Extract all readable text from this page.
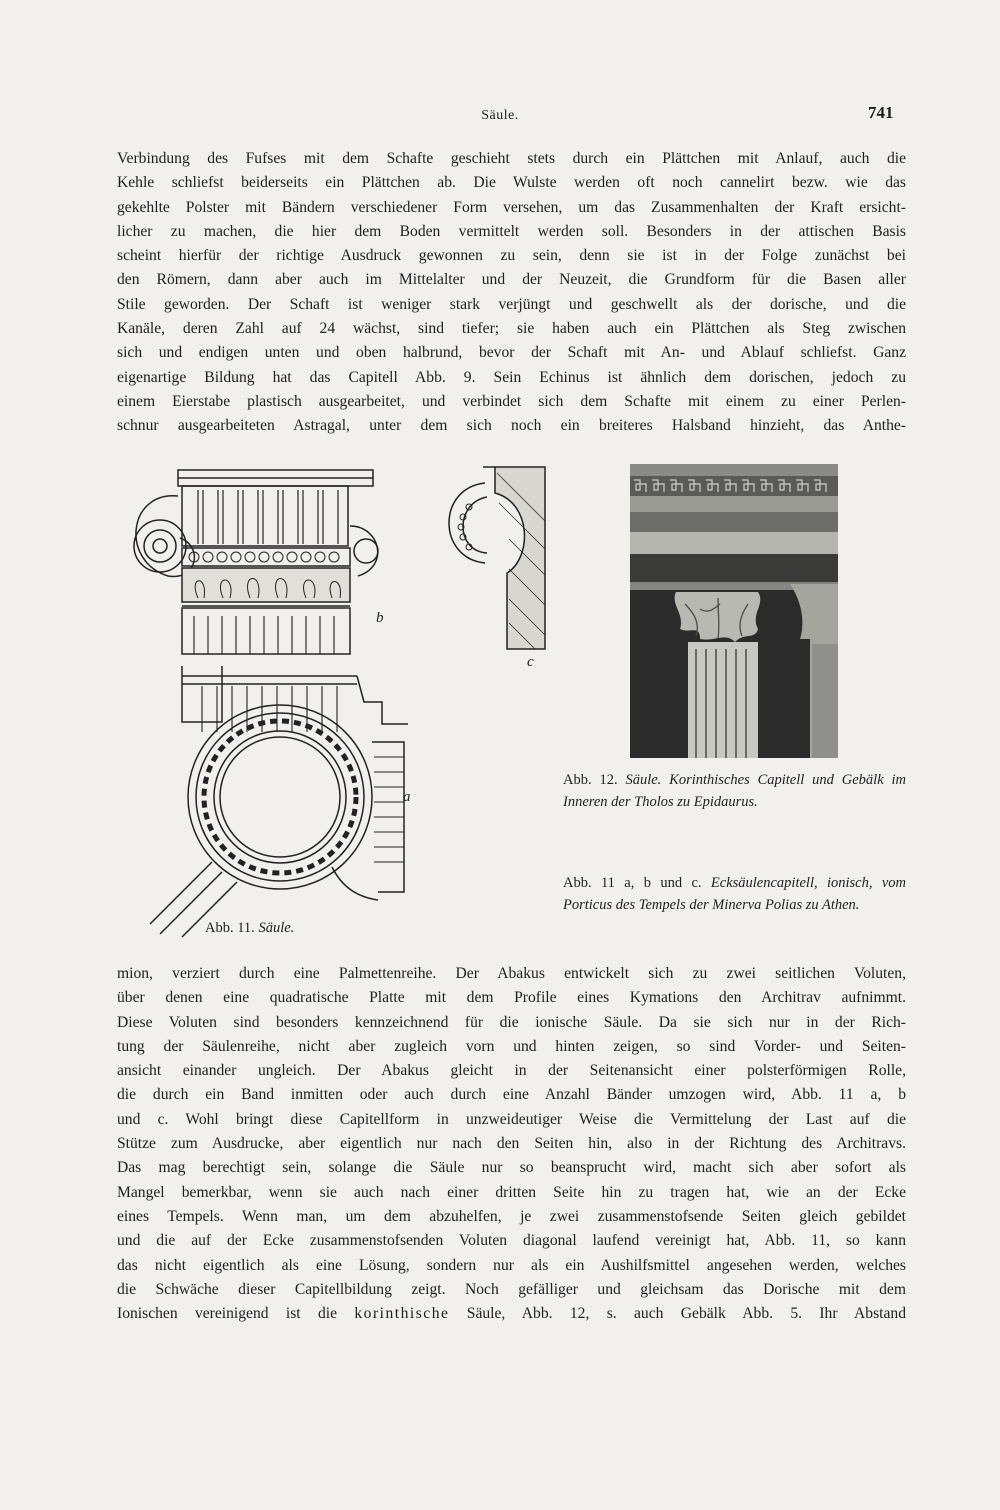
Säule.	741
Verbindung des Fufses mit dem Schafte geschieht stets durch ein Plättchen mit Anlauf, auch die
Kehle schliefst beiderseits ein Plättchen ab. Die Wulste werden oft noch cannelirt bezw. wie das
gekehlte Polster mit Bändern verschiedener Form versehen, um das Zusammenhalten der Kraft ersicht-
licher zu machen, die hier dem Boden vermittelt werden soll. Besonders in der attischen Basis
scheint hierfür der richtige Ausdruck gewonnen zu sein, denn sie ist in der Folge zunächst bei
den Römern, dann aber auch im Mittelalter und der Neuzeit, die Grundform für die Basen aller
Stile geworden. Der Schaft ist weniger stark verjüngt und geschwellt als der dorische, und die
Kanäle, deren Zahl auf 24 wächst, sind tiefer; sie haben auch ein Plättchen als Steg zwischen
sich und endigen unten und oben halbrund, bevor der Schaft mit An- und Ablauf schliefst. Ganz
eigenartige Bildung hat das Capitell Abb. 9. Sein Echinus ist ähnlich dem dorischen, jedoch zu
einem Eierstabe plastisch ausgearbeitet, und verbindet sich dem Schafte mit einem zu einer Perlen-
schnur ausgearbeiteten Astragal, unter dem sich noch ein breiteres Halsband hinzieht, das Anthe-
b
c
a
Abb. 12. Säule. Korinthisches Capitell und Gebälk im Inneren der Tholos zu Epidaurus.
Abb. 11 a, b und c. Ecksäulencapitell, ionisch, vom Porticus des Tempels der Minerva Polias zu Athen.
Abb. 11. Säule.
mion, verziert durch eine Palmettenreihe. Der Abakus entwickelt sich zu zwei seitlichen Voluten,
über denen eine quadratische Platte mit dem Profile eines Kymations den Architrav aufnimmt.
Diese Voluten sind besonders kennzeichnend für die ionische Säule. Da sie sich nur in der Rich-
tung der Säulenreihe, nicht aber zugleich vorn und hinten zeigen, so sind Vorder- und Seiten-
ansicht einander ungleich. Der Abakus gleicht in der Seitenansicht einer polsterförmigen Rolle,
die durch ein Band inmitten oder auch durch eine Anzahl Bänder umzogen wird, Abb. 11 a, b
und c. Wohl bringt diese Capitellform in unzweideutiger Weise die Vermittelung der Last auf die
Stütze zum Ausdrucke, aber eigentlich nur nach den Seiten hin, also in der Richtung des Architravs.
Das mag berechtigt sein, solange die Säule nur so beansprucht wird, macht sich aber sofort als
Mangel bemerkbar, wenn sie auch nach einer dritten Seite hin zu tragen hat, wie an der Ecke
eines Tempels. Wenn man, um dem abzuhelfen, je zwei zusammenstofsende Seiten gleich gebildet
und die auf der Ecke zusammenstofsenden Voluten diagonal laufend vereinigt hat, Abb. 11, so kann
das nicht eigentlich als eine Lösung, sondern nur als ein Aushilfsmittel angesehen werden, welches
die Schwäche dieser Capitellbildung zeigt. Noch gefälliger und gleichsam das Dorische mit dem
Ionischen vereinigend ist die korinthische Säule, Abb. 12, s. auch Gebälk Abb. 5. Ihr Abstand
